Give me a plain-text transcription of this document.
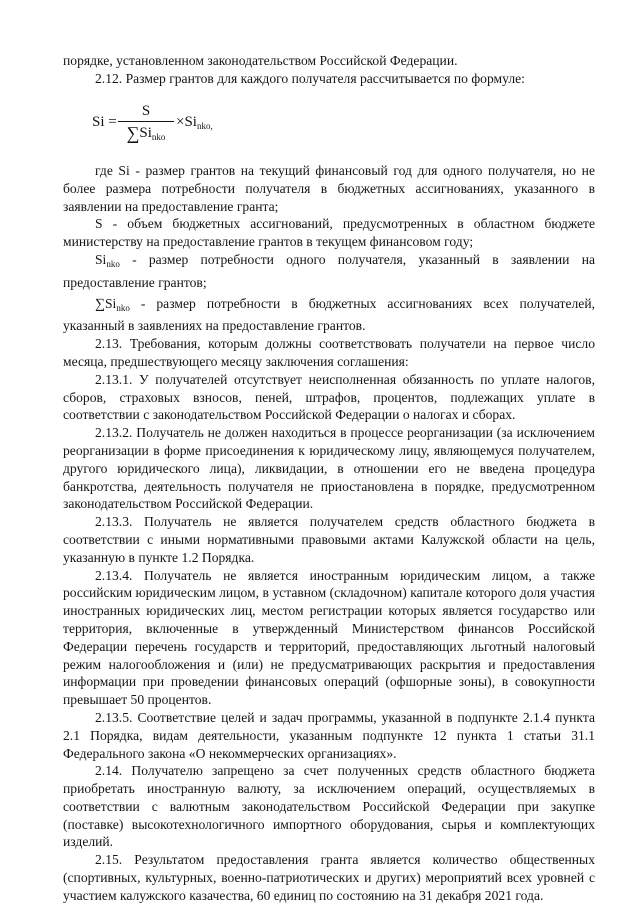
порядке, установленном законодательством Российской Федерации.

2.12. Размер грантов для каждого получателя рассчитывается по формуле:

Si =
S
$\sum Si_{nko}$
$\times Si_{nko,}$

где Si - размер грантов на текущий финансовый год для одного получателя, но не более размера потребности получателя в бюджетных ассигнованиях, указанного в заявлении на предоставление гранта;

S - объем бюджетных ассигнований, предусмотренных в областном бюджете министерству на предоставление грантов в текущем финансовом году;

$Si_{nko}$ - размер потребности одного получателя, указанный в заявлении на предоставление грантов;

$\sum Si_{nko}$ - размер потребности в бюджетных ассигнованиях всех получателей, указанный в заявлениях на предоставление грантов.

2.13. Требования, которым должны соответствовать получатели на первое число месяца, предшествующего месяцу заключения соглашения:

2.13.1. У получателей отсутствует неисполненная обязанность по уплате налогов, сборов, страховых взносов, пеней, штрафов, процентов, подлежащих уплате в соответствии с законодательством Российской Федерации о налогах и сборах.

2.13.2. Получатель не должен находиться в процессе реорганизации (за исключением реорганизации в форме присоединения к юридическому лицу, являющемуся получателем, другого юридического лица), ликвидации, в отношении его не введена процедура банкротства, деятельность получателя не приостановлена в порядке, предусмотренном законодательством Российской Федерации.

2.13.3. Получатель не является получателем средств областного бюджета в соответствии с иными нормативными правовыми актами Калужской области на цель, указанную в пункте 1.2 Порядка.

2.13.4. Получатель не является иностранным юридическим лицом, а также российским юридическим лицом, в уставном (складочном) капитале которого доля участия иностранных юридических лиц, местом регистрации которых является государство или территория, включенные в утвержденный Министерством финансов Российской Федерации перечень государств и территорий, предоставляющих льготный налоговый режим налогообложения и (или) не предусматривающих раскрытия и предоставления информации при проведении финансовых операций (офшорные зоны), в совокупности превышает 50 процентов.

2.13.5. Соответствие целей и задач программы, указанной в подпункте 2.1.4 пункта 2.1 Порядка, видам деятельности, указанным подпункте 12 пункта 1 статьи 31.1 Федерального закона «О некоммерческих организациях».

2.14. Получателю запрещено за счет полученных средств областного бюджета приобретать иностранную валюту, за исключением операций, осуществляемых в соответствии с валютным законодательством Российской Федерации при закупке (поставке) высокотехнологичного импортного оборудования, сырья и комплектующих изделий.

2.15. Результатом предоставления гранта является количество общественных (спортивных, культурных, военно-патриотических и других) мероприятий всех уровней с участием калужского казачества, 60 единиц по состоянию на 31 декабря 2021 года.
